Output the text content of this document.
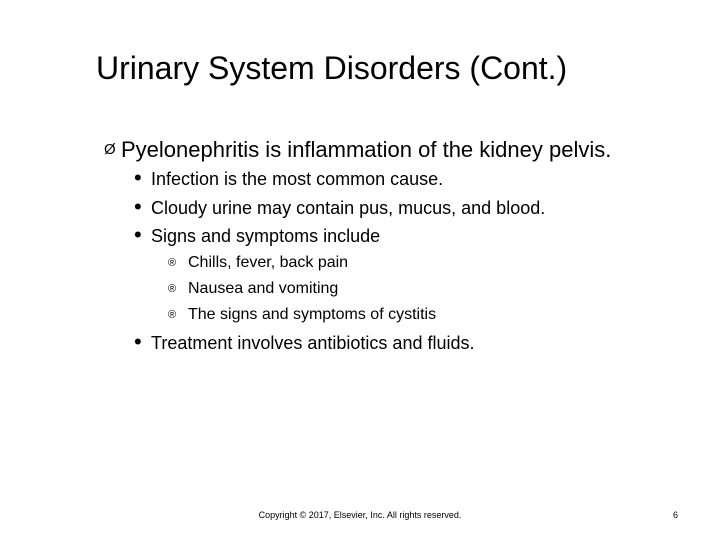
Urinary System Disorders (Cont.)
Ø Pyelonephritis is inflammation of the kidney pelvis.
• Infection is the most common cause.
• Cloudy urine may contain pus, mucus, and blood.
• Signs and symptoms include
® Chills, fever, back pain
® Nausea and vomiting
® The signs and symptoms of cystitis
• Treatment involves antibiotics and fluids.
Copyright © 2017, Elsevier, Inc. All rights reserved.	6
